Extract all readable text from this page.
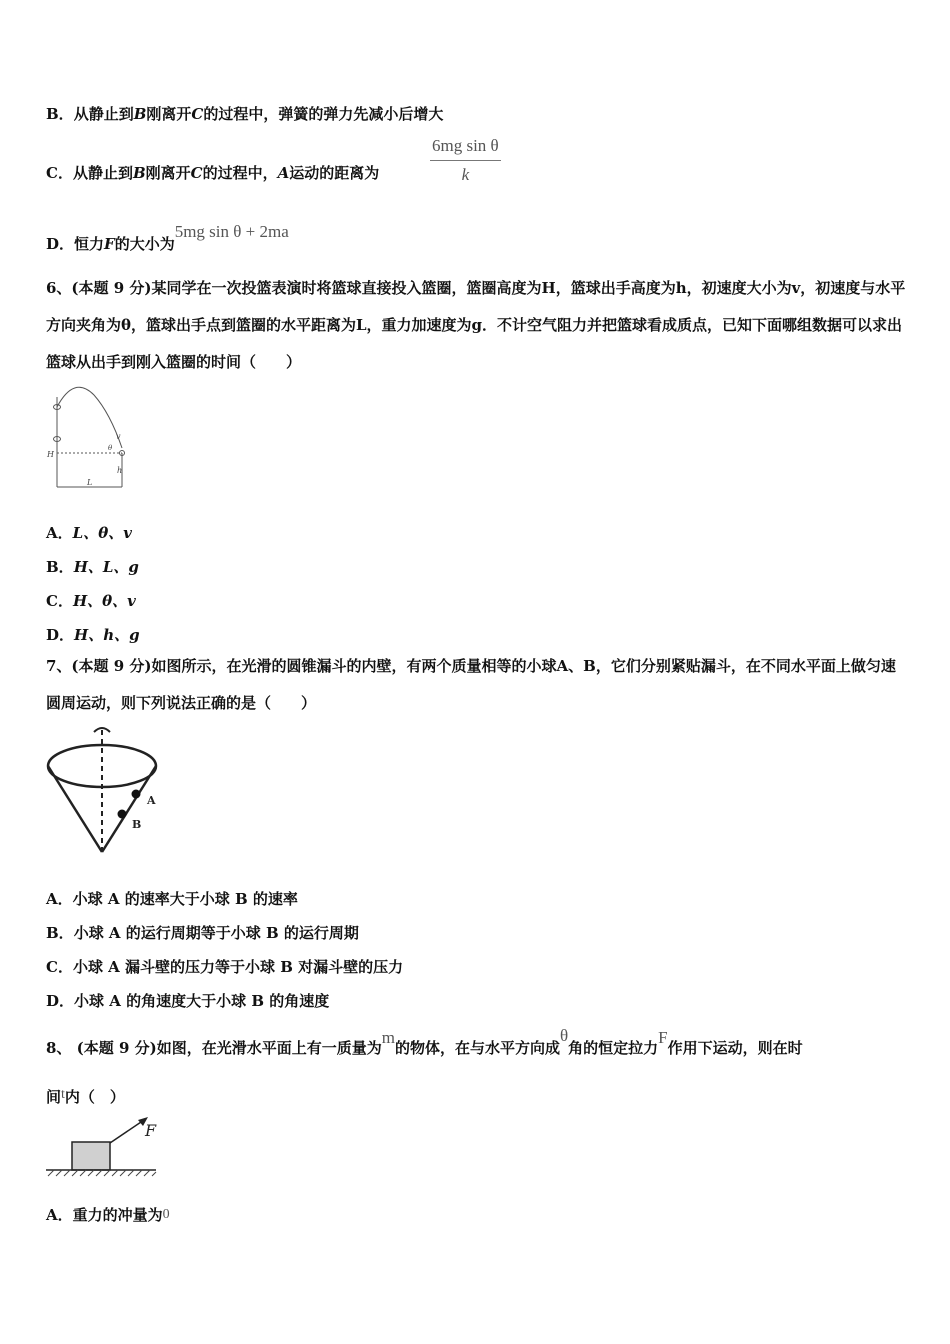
B．从静止到B刚离开C的过程中，弹簧的弹力先减小后增大
C．从静止到B刚离开C的过程中，A运动的距离为	$\frac{\text{6mg sin θ}}{k}$
D．恒力F的大小为5mg sin θ + 2ma
6、(本题 9 分)某同学在一次投篮表演时将篮球直接投入篮圈，篮圈高度为H，篮球出手高度为h，初速度大小为v，初速度与水平方向夹角为θ，篮球出手点到篮圈的水平距离为L，重力加速度为g．不计空气阻力并把篮球看成质点，已知下面哪组数据可以求出篮球从出手到刚入篮圈的时间（　　）
H
h
L
v
θ
A．L、θ、v
B．H、L、g
C．H、θ、v
D．H、h、g
7、(本题 9 分)如图所示，在光滑的圆锥漏斗的内壁，有两个质量相等的小球A、B，它们分别紧贴漏斗，在不同水平面上做匀速圆周运动，则下列说法正确的是（　　）
A
B
A．小球 A 的速率大于小球 B 的速率
B．小球 A 的运行周期等于小球 B 的运行周期
C．小球 A 漏斗壁的压力等于小球 B 对漏斗壁的压力
D．小球 A 的角速度大于小球 B 的角速度
8、 (本题 9 分)如图，在光滑水平面上有一质量为m的物体，在与水平方向成θ角的恒定拉力F作用下运动，则在时
间t内（　）
F
A．重力的冲量为0
